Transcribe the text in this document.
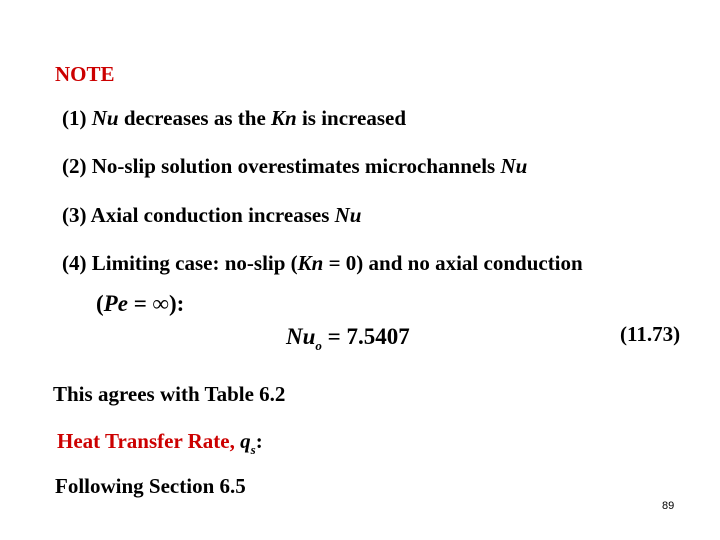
NOTE
(1) Nu decreases as the Kn is increased
(2) No-slip solution overestimates microchannels Nu
(3) Axial conduction increases Nu
(4) Limiting case: no-slip (Kn = 0) and no axial conduction
(Pe = ∞):
$Nu_o = 7.5407$	(11.73)
This agrees with Table 6.2
Heat Transfer Rate, $q_s$:
Following Section 6.5
89
